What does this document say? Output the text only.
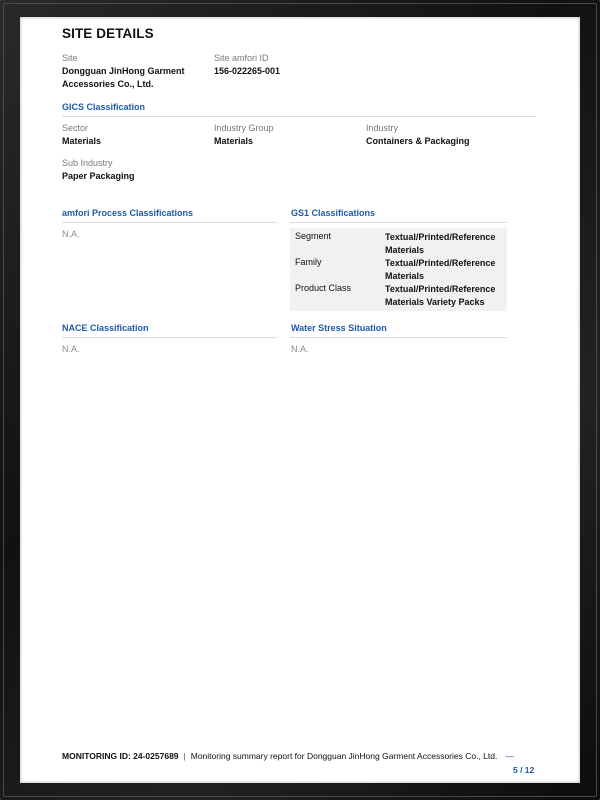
SITE DETAILS
Site
Dongguan JinHong Garment
Accessories Co., Ltd.
Site amfori ID
156-022265-001
GICS Classification
Sector
Materials
Industry Group
Materials
Industry
Containers & Packaging
Sub Industry
Paper Packaging
amfori Process Classifications
N.A.
GS1 Classifications
Segment	Textual/Printed/Reference
Materials
Family	Textual/Printed/Reference
Materials
Product Class	Textual/Printed/Reference
Materials Variety Packs
NACE Classification
N.A.
Water Stress Situation
N.A.
MONITORING ID: 24-0257689 | Monitoring summary report for Dongguan JinHong Garment Accessories Co., Ltd. —
5 / 12
